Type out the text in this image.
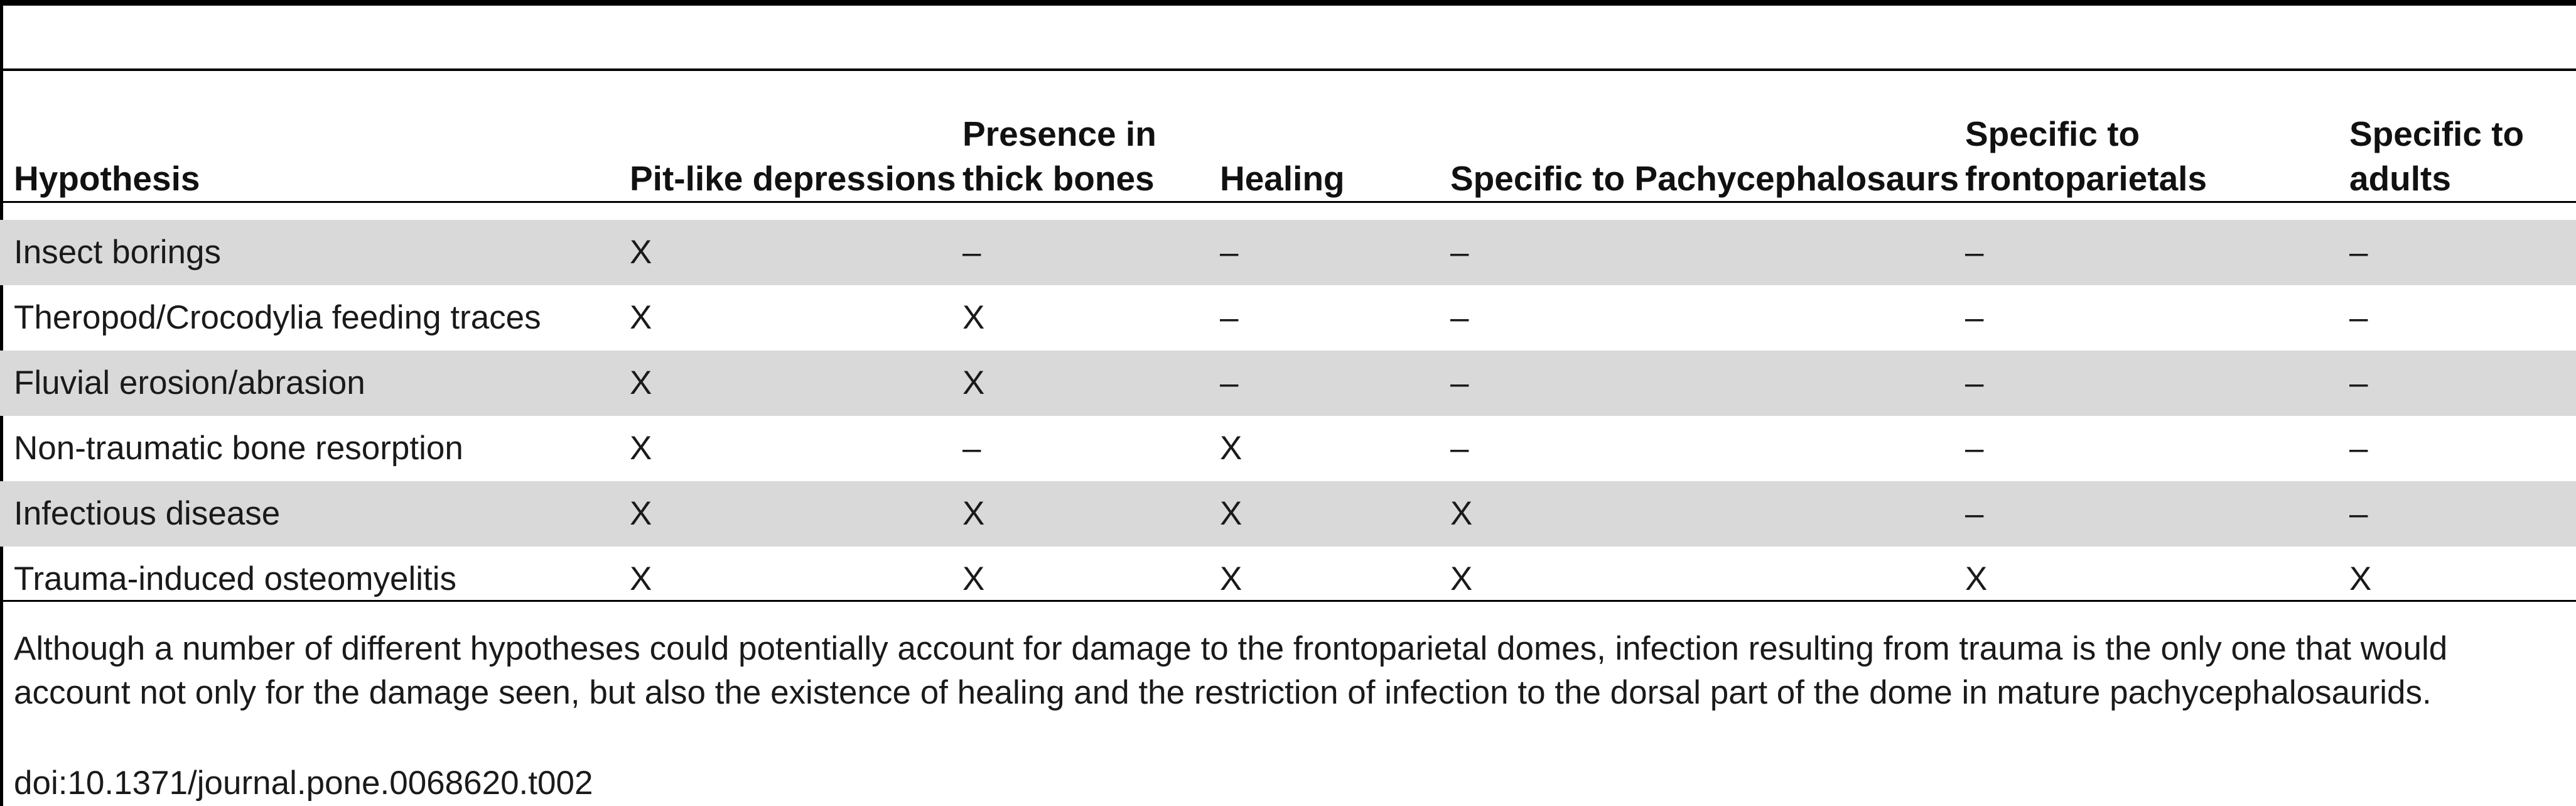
Hypothesis	Pit-like depressions	Presence in thick bones	Healing	Specific to Pachycephalosaurs	Specific to frontoparietals	Specific to adults
Insect borings	X	–	–	–	–	–
Theropod/Crocodylia feeding traces	X	X	–	–	–	–
Fluvial erosion/abrasion	X	X	–	–	–	–
Non-traumatic bone resorption	X	–	X	–	–	–
Infectious disease	X	X	X	X	–	–
Trauma-induced osteomyelitis	X	X	X	X	X	X
Although a number of different hypotheses could potentially account for damage to the frontoparietal domes, infection resulting from trauma is the only one that would account not only for the damage seen, but also the existence of healing and the restriction of infection to the dorsal part of the dome in mature pachycephalosaurids.
doi:10.1371/journal.pone.0068620.t002
